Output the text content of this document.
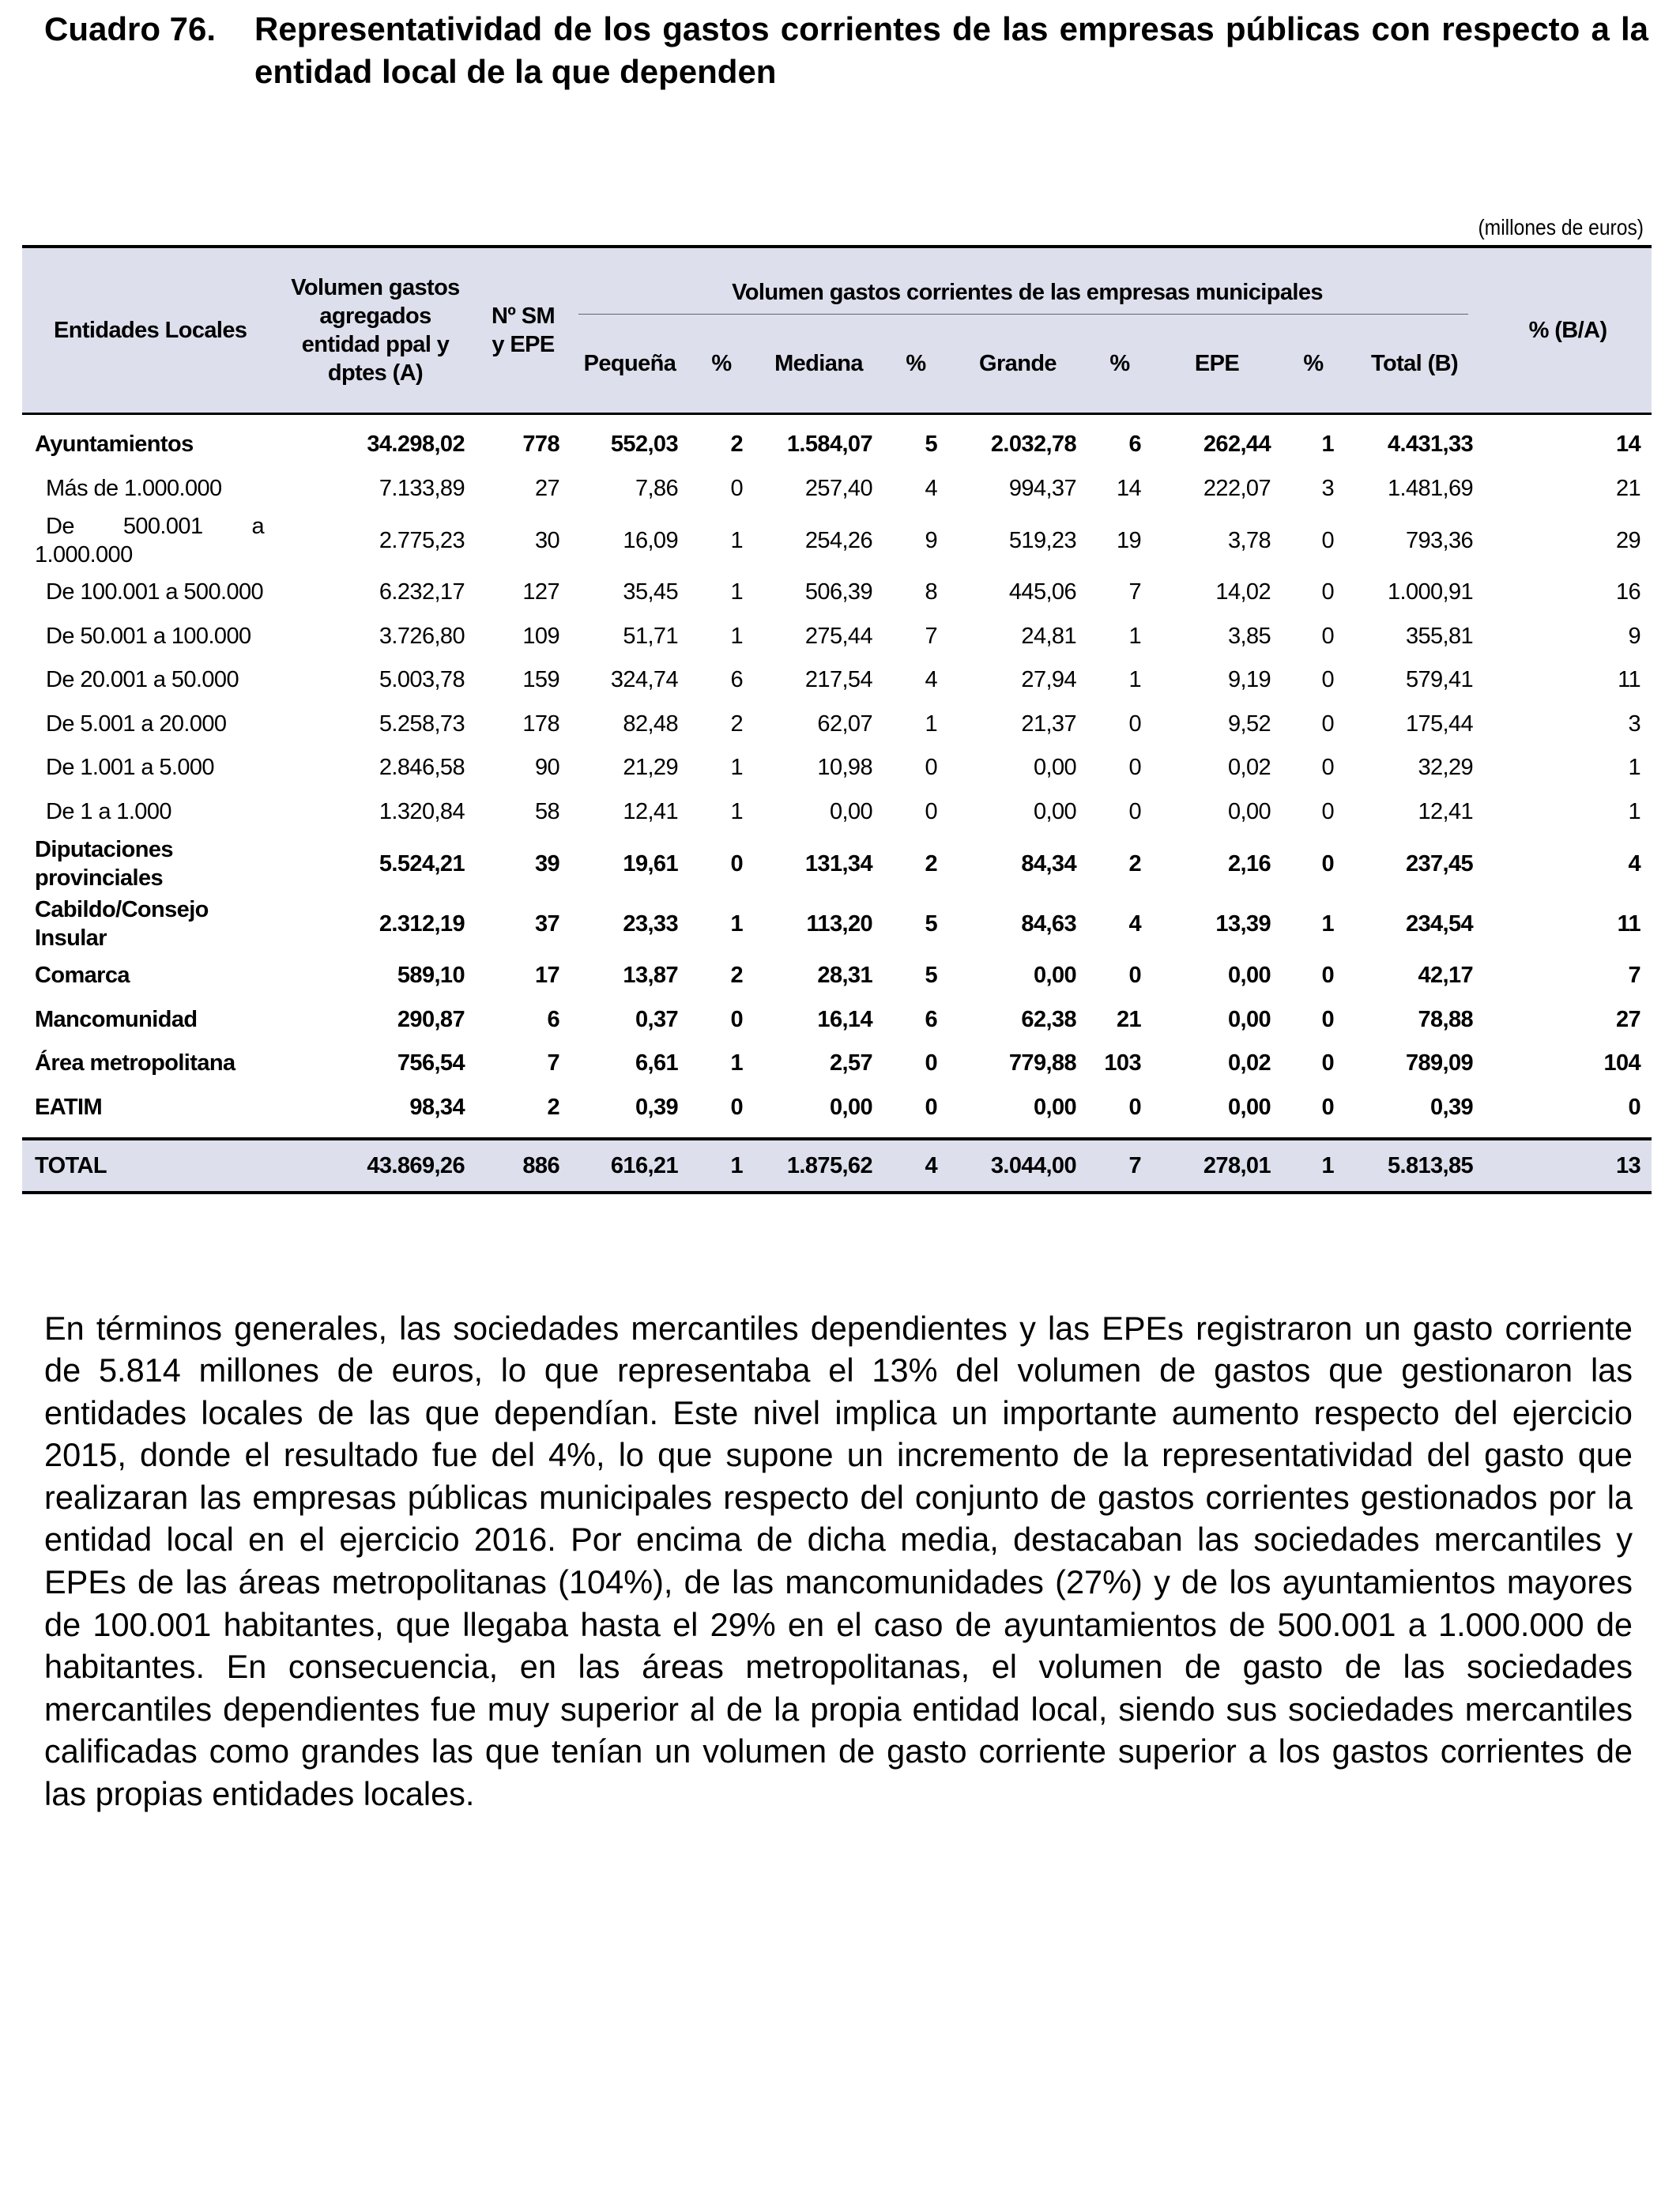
Cuadro 76. Representatividad de los gastos corrientes de las empresas públicas con respecto a la entidad local de la que dependen
(millones de euros)
Entidades Locales	Volumen gastos agregados entidad ppal y dptes (A)	Nº SM y EPE	Volumen gastos corrientes de las empresas municipales									% (B/A)
			Pequeña	%	Mediana	%	Grande	%	EPE	%	Total (B)	
Ayuntamientos	34.298,02	778	552,03	2	1.584,07	5	2.032,78	6	262,44	1	4.431,33	14
Más de 1.000.000	7.133,89	27	7,86	0	257,40	4	994,37	14	222,07	3	1.481,69	21

De 500.001 a
1.000.000	2.775,23	30	16,09	1	254,26	9	519,23	19	3,78	0	793,36	29
De 100.001 a 500.000	6.232,17	127	35,45	1	506,39	8	445,06	7	14,02	0	1.000,91	16
De 50.001 a 100.000	3.726,80	109	51,71	1	275,44	7	24,81	1	3,85	0	355,81	9
De 20.001 a 50.000	5.003,78	159	324,74	6	217,54	4	27,94	1	9,19	0	579,41	11
De 5.001 a 20.000	5.258,73	178	82,48	2	62,07	1	21,37	0	9,52	0	175,44	3
De 1.001 a 5.000	2.846,58	90	21,29	1	10,98	0	0,00	0	0,02	0	32,29	1
De 1 a 1.000	1.320,84	58	12,41	1	0,00	0	0,00	0	0,00	0	12,41	1
Diputaciones provinciales	5.524,21	39	19,61	0	131,34	2	84,34	2	2,16	0	237,45	4
Cabildo/Consejo Insular	2.312,19	37	23,33	1	113,20	5	84,63	4	13,39	1	234,54	11
Comarca	589,10	17	13,87	2	28,31	5	0,00	0	0,00	0	42,17	7
Mancomunidad	290,87	6	0,37	0	16,14	6	62,38	21	0,00	0	78,88	27
Área metropolitana	756,54	7	6,61	1	2,57	0	779,88	103	0,02	0	789,09	104
EATIM	98,34	2	0,39	0	0,00	0	0,00	0	0,00	0	0,39	0

TOTAL	43.869,26	886	616,21	1	1.875,62	4	3.044,00	7	278,01	1	5.813,85	13

En términos generales, las sociedades mercantiles dependientes y las EPEs registraron un gasto corriente de 5.814 millones de euros, lo que representaba el 13% del volumen de gastos que gestionaron las entidades locales de las que dependían. Este nivel implica un importante aumento respecto del ejercicio 2015, donde el resultado fue del 4%, lo que supone un incremento de la representatividad del gasto que realizaran las empresas públicas municipales respecto del conjunto de gastos corrientes gestionados por la entidad local en el ejercicio 2016. Por encima de dicha media, destacaban las sociedades mercantiles y EPEs de las áreas metropolitanas (104%), de las mancomunidades (27%) y de los ayuntamientos mayores de 100.001 habitantes, que llegaba hasta el 29% en el caso de ayuntamientos de 500.001 a 1.000.000 de habitantes. En consecuencia, en las áreas metropolitanas, el volumen de gasto de las sociedades mercantiles dependientes fue muy superior al de la propia entidad local, siendo sus sociedades mercantiles calificadas como grandes las que tenían un volumen de gasto corriente superior a los gastos corrientes de las propias entidades locales.
